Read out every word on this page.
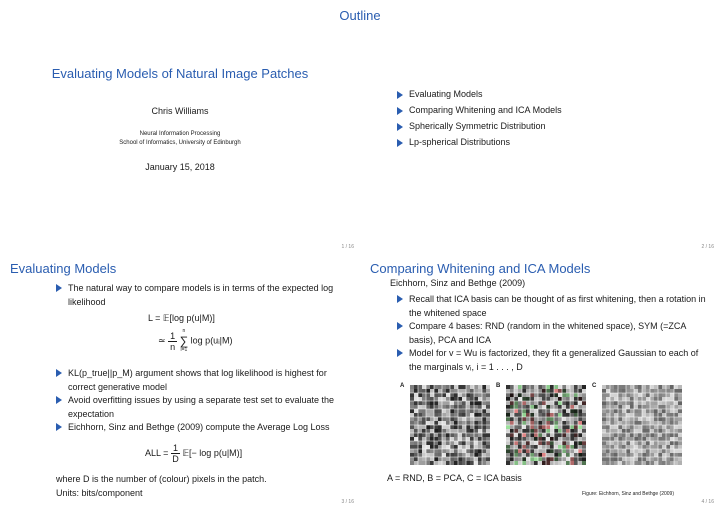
Evaluating Models of Natural Image Patches
Chris Williams
Neural Information Processing
School of Informatics, University of Edinburgh
January 15, 2018
1 / 16
Evaluating Models
Comparing Whitening and ICA Models
Spherically Symmetric Distribution
Lp-spherical Distributions
2 / 16
Outline
Evaluating Models
The natural way to compare models is in terms of the expected log likelihood
L = 𝔼[log p(u|M)]
≃ $\frac{1}{n}$	n
∑
i=1
log p(uᵢ|M)
KL(p_true||p_M) argument shows that log likelihood is highest for correct generative model
Avoid overfitting issues by using a separate test set to evaluate the expectation
Eichhorn, Sinz and Bethge (2009) compute the Average Log Loss
ALL = $\frac{1}{D}$ 𝔼[− log p(u|M)]
where D is the number of (colour) pixels in the patch.
Units: bits/component
3 / 16
Comparing Whitening and ICA Models
Eichhorn, Sinz and Bethge (2009)
Recall that ICA basis can be thought of as first whitening, then a rotation in the whitened space
Compare 4 bases: RND (random in the whitened space), SYM (=ZCA basis), PCA and ICA
Model for v = Wu is factorized, they fit a generalized Gaussian to each of the marginals vᵢ, i = 1 . . . , D
A	B	C
A = RND, B = PCA, C = ICA basis
Figure: Eichhorn, Sinz and Bethge (2009)
4 / 16
